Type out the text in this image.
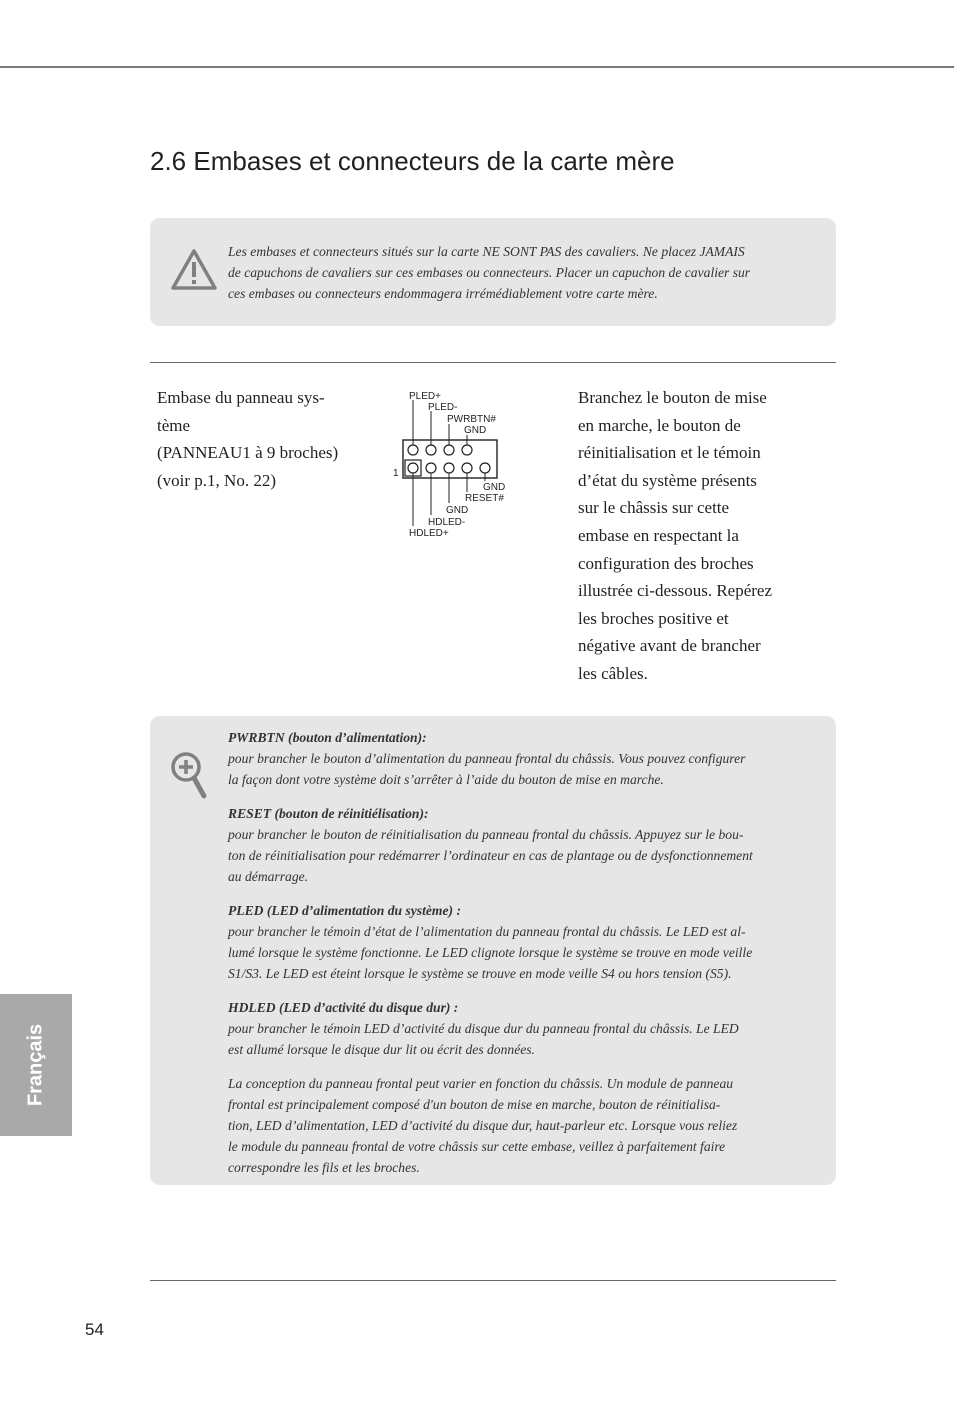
2.6 Embases et connecteurs de la carte mère
Les embases et connecteurs situés sur la carte NE SONT PAS des cavaliers. Ne placez JAMAIS
de capuchons de cavaliers sur ces embases ou connecteurs. Placer un capuchon de cavalier sur
ces embases ou connecteurs endommagera irrémédiablement votre carte mère.
Embase du panneau sys-
tème
(PANNEAU1 à 9 broches)
(voir p.1, No. 22)
PLED+
PLED-
PWRBTN#
GND
1
GND
RESET#
GND
HDLED-
HDLED+
Branchez le bouton de mise
en marche, le bouton de
réinitialisation et le témoin
d’état du système présents
sur le châssis sur cette
embase en respectant la
configuration des broches
illustrée ci-dessous. Repérez
les broches positive et
négative avant de brancher
les câbles.
PWRBTN (bouton d’alimentation):
pour brancher le bouton d’alimentation du panneau frontal du châssis. Vous pouvez configurer
la façon dont votre système doit s’arrêter à l’aide du bouton de mise en marche.
RESET (bouton de réinitiélisation):
pour brancher le bouton de réinitialisation du panneau frontal du châssis. Appuyez sur le bou-
ton de réinitialisation pour redémarrer l’ordinateur en cas de plantage ou de dysfonctionnement
au démarrage.
PLED (LED d’alimentation du système) :
pour brancher le témoin d’état de l’alimentation du panneau frontal du châssis. Le LED est al-
lumé lorsque le système fonctionne. Le LED clignote lorsque le système se trouve en mode veille
S1/S3. Le LED est éteint lorsque le système se trouve en mode veille S4 ou hors tension (S5).
HDLED (LED d’activité du disque dur) :
pour brancher le témoin LED d’activité du disque dur du panneau frontal du châssis. Le LED
est allumé lorsque le disque dur lit ou écrit des données.
La conception du panneau frontal peut varier en fonction du châssis. Un module de panneau
frontal est principalement composé d'un bouton de mise en marche, bouton de réinitialisa-
tion, LED d’alimentation, LED d’activité du disque dur, haut-parleur etc. Lorsque vous reliez
le module du panneau frontal de votre châssis sur cette embase, veillez à parfaitement faire
correspondre les fils et les broches.
Français
54
